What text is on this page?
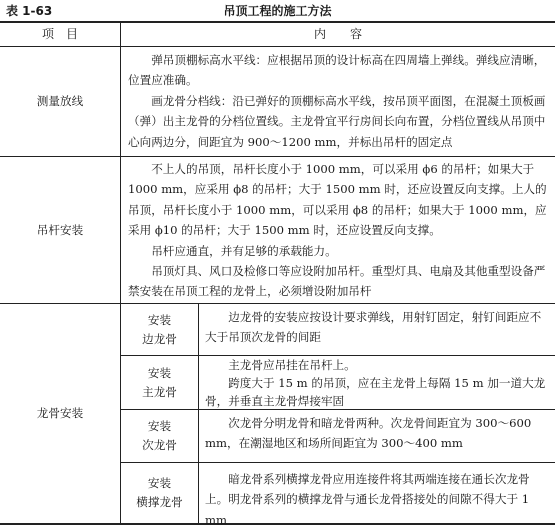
表 1-63	吊顶工程的施工方法
项　目	内　　容
测量放线

弹吊顶棚标高水平线：应根据吊顶的设计标高在四周墙上弹线。弹线应清晰，位置应准确。

画龙骨分档线：沿已弹好的顶棚标高水平线，按吊顶平面图，在混凝土顶板画（弹）出主龙骨的分档位置线。主龙骨宜平行房间长向布置，分档位置线从吊顶中心向两边分，间距宜为 900～1200 mm，并标出吊杆的固定点

吊杆安装

不上人的吊顶，吊杆长度小于 1000 mm，可以采用 ϕ6 的吊杆；如果大于1000 mm，应采用 ϕ8 的吊杆；大于 1500 mm 时，还应设置反向支撑。上人的吊顶，吊杆长度小于 1000 mm，可以采用 ϕ8 的吊杆；如果大于 1000 mm，应采用 ϕ10 的吊杆；大于 1500 mm 时，还应设置反向支撑。

吊杆应通直，并有足够的承载能力。

吊顶灯具、风口及检修口等应设附加吊杆。重型灯具、电扇及其他重型设备严禁安装在吊顶工程的龙骨上，必须增设附加吊杆

龙骨安装
安装
边龙骨

边龙骨的安装应按设计要求弹线，用射钉固定，射钉间距应不大于吊顶次龙骨的间距

安装
主龙骨

主龙骨应吊挂在吊杆上。

跨度大于 15 m 的吊顶，应在主龙骨上每隔 15 m 加一道大龙骨，并垂直主龙骨焊接牢固

安装
次龙骨

次龙骨分明龙骨和暗龙骨两种。次龙骨间距宜为 300～600 mm，在潮湿地区和场所间距宜为 300～400 mm

安装
横撑龙骨

暗龙骨系列横撑龙骨应用连接件将其两端连接在通长次龙骨上。明龙骨系列的横撑龙骨与通长龙骨搭接处的间隙不得大于 1 mm
